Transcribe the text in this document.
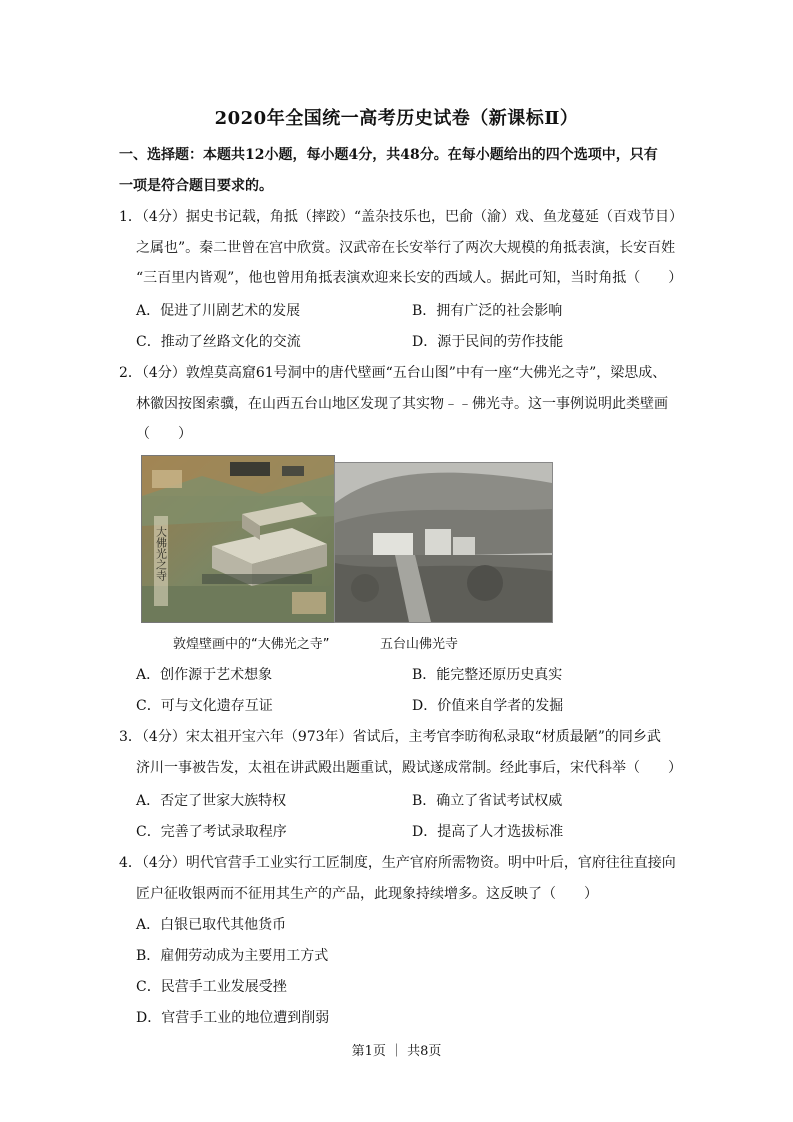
2020年全国统一高考历史试卷（新课标Ⅱ）
一、选择题：本题共12小题，每小题4分，共48分。在每小题给出的四个选项中，只有
一项是符合题目要求的。
1．（4分）据史书记载，角抵（摔跤）“盖杂技乐也，巴俞（渝）戏、鱼龙蔓延（百戏节目）
之属也”。秦二世曾在宫中欣赏。汉武帝在长安举行了两次大规模的角抵表演，长安百姓
“三百里内皆观”，他也曾用角抵表演欢迎来长安的西域人。据此可知，当时角抵（　　）
A．促进了川剧艺术的发展	B．拥有广泛的社会影响
C．推动了丝路文化的交流	D．源于民间的劳作技能
2．（4分）敦煌莫高窟61号洞中的唐代壁画“五台山图”中有一座“大佛光之寺”，梁思成、
林徽因按图索骥，在山西五台山地区发现了其实物﹣﹣佛光寺。这一事例说明此类壁画
（　　）
大佛光之寺
敦煌壁画中的“大佛光之寺”	五台山佛光寺
A．创作源于艺术想象	B．能完整还原历史真实
C．可与文化遗存互证	D．价值来自学者的发掘
3．（4分）宋太祖开宝六年（973年）省试后，主考官李昉徇私录取“材质最陋”的同乡武
济川一事被告发，太祖在讲武殿出题重试，殿试遂成常制。经此事后，宋代科举（　　）
A．否定了世家大族特权	B．确立了省试考试权威
C．完善了考试录取程序	D．提高了人才选拔标准
4．（4分）明代官营手工业实行工匠制度，生产官府所需物资。明中叶后，官府往往直接向
匠户征收银两而不征用其生产的产品，此现象持续增多。这反映了（　　）
A．白银已取代其他货币
B．雇佣劳动成为主要用工方式
C．民营手工业发展受挫
D．官营手工业的地位遭到削弱
第1页 ｜ 共8页
